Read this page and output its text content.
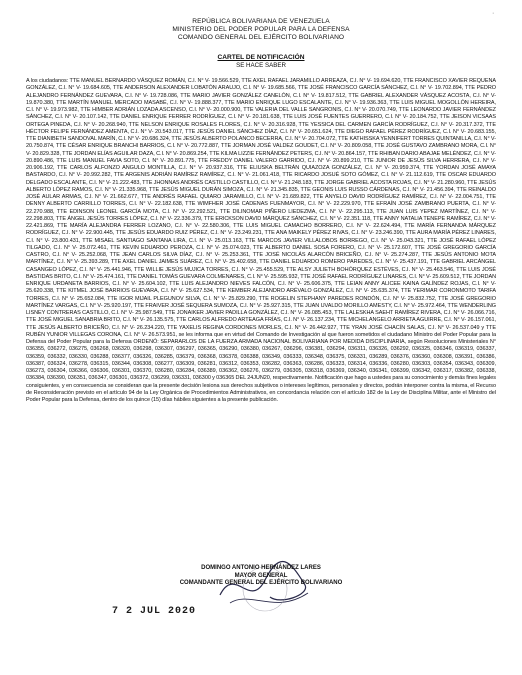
·
REPÚBLICA BOLIVARIANA DE VENEZUELA
MINISTERIO DEL PODER POPULAR PARA LA DEFENSA
COMANDO GENERAL DEL EJÉRCITO BOLIVARIANO
CARTEL DE NOTIFICACIÓN
SE HACE SABER
A los ciudadanos: TTE MANUEL BERNARDO VÁSQUEZ ROMÁN, C.I. N° V- 19.566.529, TTE AXEL RAFAEL JARAMILLO ARREAZA, C.I. N° V- 19.694.620, TTE FRANCISCO XAVIER REQUENA GONZÁLEZ, C.I. N° V- 19.684.605, TTE ANDERSON ALEXANDER LOBATÓN ARAUJO, C.I. N° V- 19.685.566, TTE JOSÉ FRANCISCO GARCÍA SÁNCHEZ, C.I. N° V- 19.702.894, TTE PEDRO ALEJANDRO FERNÁNDEZ GUEVARA, C.I. N° V- 19.728.086, TTE MARIO JAVIER GONZÁLEZ CANELÓN, C.I. N° V- 19.817.512, TTE GABRIEL ALEXANDER VÁSQUEZ ACOSTA, C.I. N° V- 19.870.380, TTE MARTÍN MANUEL MERCADO MASABÉ, C.I. N° V- 19.888.377, TTE MARIO ENRIQUE LUGO ESCALANTE, C.I. N° V- 19.936.363, TTE LUIS MIGUEL MOGOLLÓN HEREIRA, C.I. N° V- 19.973.982, TTE HIMBER ADRIÁN LOZADA ASCENSO, C.I. N° V- 20.000.900, TTE VALERIA DEL VALLE SANGRONIS, C.I. N° V- 20.070.749, TTE LEONARDO JAVIER FERNÁNDEZ SÁNCHEZ, C.I. N° V- 20.107.142, TTE DANIEL ENRIQUE FERRER RODRÍGUEZ, C.I. N° V- 20.181.638, TTE LUIS JOSÉ FUENTES GUERRERO, C.I. N° V- 20.184.752, TTE JEISON VICSAAS ORTEGA PINEDA, C.I. N° V- 20.268.940, TTE NELSON ENRIQUE ROSALES FLORES, C.I. N° V- 20.316.928, TTE YESSICA DEL CARMEN GARCÍA RODRÍGUEZ, C.I. N° V- 20.317.372, TTE HÉCTOR FELIPE FERNÁNDEZ AMENTA, C.I. N° V- 20.543.017, TTE JESÚS DANIEL SÁNCHEZ DÍAZ, C.I. N° V- 20.651.624, TTE DIEGO RAFAEL PÉREZ RODRÍGUEZ, C.I. N° V- 20.683.155, TTE DIANIBETH SANDOVAL MARÍN, C.I. N° V- 20.686.324, TTE JESÚS ALBERTO POLANCO BECERRA, C.I. N° V- 20.704.072, TTE KATHISSKA YENNIFERT TORRES QUINTANILLA, C.I. N° V- 20.750.874, TTE CÉSAR ENRIQUE BRANCHI BARRIOS, C.I. N° V- 20.772.887, TTE JORMAN JOSÉ VALDEZ GOUDET, C.I. N° V- 20.809.058, TTE JOSÉ GUSTAVO ZAMBRANO MORA, C.I. N° V- 20.829.328, TTE JORDAN ELÍAS AGUILAR DAZA, C.I. N° V- 20.869.254, TTE KILMA LIZZIE FERNÁNDEZ PETERS, C.I. N° V- 20.864.157, TTE RHIBAN DARIO ABAJAE MELÉNDEZ, C.I. N° V- 20.890.486, TTE LUIS MANUEL FAVIA SOTO, C.I. N° V- 20.891.775, TTE FREDDY DANIEL VALERO GARRIDO, C.I. N° V- 20.899.210, TTE JUNIOR DE JESÚS SILVA HERRERA, C.I. N° V- 20.906.192, TTE CARLOS ALFONZO ANGULO MONTILLA, C.I. N° V- 20.937.316, TTE ELIUSKA BELTRÁN QUIAZOZA GONZÁLEZ, C.I. N° V- 20.959.374, TTE YORDAN JOSÉ AMAYA BASTARDO, C.I. N° V- 20.992.282, TTE ARGENIS ADRIÁN RAMÍREZ RAMÍREZ, C.I. N° V- 21.061.418, TTE RICARDO JOSUÉ SOTO GÓMEZ, C.I. N° V- 21.112.619, TTE OSCAR EDUARDO DELGADO ESCALANTE, C.I. N° V- 21.222.483, TTE JHONNAS ANDRÉS CASTILLO CASTILLO, C.I. N° V- 21.248.183, TTE JORGE GABRIEL ACOSTA ROJAS, C.I. N° V- 21.280.960, TTE JESÚS ALBERTO LÓPEZ RAMOS, C.I. N° V- 21.335.968, TTE JESÚS MIGUEL DURÁN SIMOZA, C.I. N° V- 21.345.835, TTE GEONIS LUIS RUSSO CÁRDENAS, C.I. N° V- 21.456.394, TTE REINALDO JOSÉ AULAR ARMAS, C.I. N° V- 21.662.677, TTE ANDRÉS RAFAEL QUIARO JARAMILLO, C.I. N° V- 21.689.822, TTE ANYELO DAVID RODRÍGUEZ RAMÍREZ, C.I. N° V- 22.004.751, TTE DENNY ALBERTO CARRILLO TORRES, C.I. N° V- 22.182.638, TTE WIMFHER JOSÉ CADENAS FUENMAYOR, C.I. N° V- 22.229.970, TTE EFRAÍN JOSÉ ZAMBRANO PUERTA, C.I. N° V- 22.270.988, TTE EDINSON LEONEL GARCÍA MOTA, C.I. N° V- 22.292.521, TTE DILINOMAR PIÑERO LIEDEZMA, C.I. N° V- 22.295.113, TTE JUAN LUIS YEPEZ MARTÍNEZ, C.I. N° V- 22.298.803, TTE ÁNGEL JESÚS TORRES LÓPEZ, C.I. N° V- 22.336.379, TTE ERICKSON DAVID MÁRQUEZ SÁNCHEZ, C.I. N° V- 22.351.118, TTE ANNY NATALIA TENEPE RAMÍREZ, C.I. N° V- 22.421.869, TTE MARÍA ALEJANDRA FERRER LOZANO, C.I. N° V- 22.580.306, TTE LUIS MIGUEL CAMACHO BORRERO, C.I. N° V- 22.624.494, TTE MARÍA FERNANDA MÁRQUEZ RODRÍGUEZ, C.I. N° V- 22.900.445, TTE JESÚS EDUARDO RUIZ PÉREZ, C.I. N° V- 23.249.231, TTE ANA MAIKELY PÉREZ RIVAS, C.I. N° V- 23.246.390, TTE AURA MARÍA PÉREZ LINARES, C.I. N° V- 23.800.431, TTE MISAEL SANTIAGO SANTANA LIRA, C.I. N° V- 25.013.163, TTE MARCOS JAVIER VILLALOBOS BORREGO, C.I. N° V- 25.043.321, TTE JOSÉ RAFAEL LÓPEZ TILGADO, C.I. N° V- 25.072.461, TTE KEVIN EDUARDO PEROZA, C.I. N° V- 25.074.023, TTE ALBERTO DANIEL SOSA FORERO, C.I. N° V- 25.172.607, TTE JOSÉ GREGORIO GARCÍA CASTRO, C.I. N° V- 25.252.068, TTE JEAN CARLOS SILVA DÍAZ, C.I. N° V- 25.253.361, TTE JOSÉ NICOLÁS ALARCÓN BRICEÑO, C.I. N° V- 25.274.287, TTE JESÚS ANTONIO MOTA MARTÍNEZ, C.I. N° V- 25.393.289, TTE AXEL DANIEL JAIMES SUÁREZ, C.I. N° V- 25.402.658, TTE DANIEL EDUARDO ROMERO PAREDES, C.I. N° V- 25.437.191, TTE GABRIEL ARCÁNGEL CASANGEO LÓPEZ, C.I. N° V- 25.441.946, TTE WILLIE JESÚS MUJICA TORRES, C.I. N° V- 25.455.529, TTE ALSY JULIETH BOHÓRQUEZ ESTÉVES, C.I. N° V- 25.463.546, TTE LUIS JOSÉ BASTIDAS BRITO, C.I. N° V- 25.474.161, TTE DANIEL TOMÁS GUEVARA COLMENARES, C.I. N° V- 25.595.932, TTE JOSÉ RAFAEL RODRÍGUEZ LINARES, C.I. N° V- 25.609.512, TTE JORDAN ENRIQUE URDANETA BARRIOS, C.I. N° V- 25.604.102, TTE LUIS ALEJANDRO NIEVES FALCÓN, C.I. N° V- 25.606.375, TTE LEIAN ANNY ALICEE KAINA GALÍNDEZ ROJAS, C.I. N° V- 25.620.338, TTE KITMEL JOSÉ BARRIOS GUEVARA, C.I. N° V- 25.627.534, TTE KEMBER ALEJANDRO ARÉVALO GONZÁLEZ, C.I. N° V- 25.635.374, TTE YERIMAR CORONMOTO TARIFA TORRES, C.I. N° V- 25.652.084, TTE IGOR MIJAIL PLEGUNOV SILVA, C.I. N° V- 25.829.290, TTE ROGELIN STEPHANY PAREDES RONDÓN, C.I. N° V- 25.832.752, TTE JOSÉ GREGORIO MARTÍNEZ VARGAS, C.I. N° V- 25.920.197, TTE FRAIVER JOSÉ SEQUERA SUMOZA, C.I. N° V- 25.927.315, TTE JUAN UVALDO MORILLO AMESTY, C.I. N° V- 25.972.464, TTE WENDERLING LISNEY CONTRERAS CASTILLO, C.I. N° V- 25.987.549, TTE JONAIKER JAVIER PADILLA GONZÁLEZ, C.I. N° V- 26.085.453, TTE LALESKHA SAEHT RAMÍREZ RIVERA, C.I. N° V- 26.066.716, TTE JOSÉ MIGUEL SANABRIA BRITO, C.I. N° V- 26.135.575, TTE CARLOS ALFREDO ARTEAGA FRÍAS, C.I. N° V- 26.137.234, TTE MICHELANGELO ARRIETA AGUIRRE, C.I. N° V- 26.157.061, TTE JESÚS ALBERTO BRICEÑO, C.I. N° V- 26.234.220, TTE YAXELIS REGINA CORDONES MORLES, C.I. N° V- 26.442.927, TTE YRAN JOSÉ CHACÍN SALAS, C.I. N° V- 26.537.049 y TTE RUBÉN YUNIOR VILLEGAS CORONA, C.I. N° V- 26.573.951, se les informa que en virtud del Comando de Investigación al que fueron sometidos el ciudadano Ministro del Poder Popular para la Defensa del Poder Popular para la Defensa ORDENÓ: SEPARARLOS DE LA FUERZA ARMADA NACIONAL BOLIVARIANA POR MEDIDA DISCIPLINARIA, según Resoluciones Ministeriales N° 036355, 036272, 036275, 036268, 036320, 036298, 036307, 036297, 036365, 036290, 036380, 036267, 036296, 036381, 036294, 036311, 036326, 036292, 036325, 036346, 036319, 036337, 036359, 036332, 036330, 036288, 036377, 036326, 036285, 036379, 036368, 036378, 036388, 036349, 036333, 036348, 036375, 036331, 036289, 036376, 036360, 036308, 036391, 036386, 036387, 036324, 036278, 036315, 036344, 036308, 036277, 036309, 036281, 036312, 036353, 036282, 036363, 036286, 036323, 036314, 036336, 036280, 036303, 036354, 036343, 036309, 036273, 036304, 036366, 036306, 036301, 036370, 036280, 036284, 036389, 036362, 036276, 036279, 036305, 036318, 036369, 036340, 036341, 036399, 036342, 036317, 036382, 036338, 036384, 036390, 036351, 036347, 036301, 036372, 036299, 036331, 036300 y 036365 DEL 24JUN20, respectivamente. Notificación que hago a ustedes para su conocimiento y demás fines legales consiguientes, y en consecuencia se consideran que la presente decisión lesiona sus derechos subjetivos o intereses legítimos, personales y directos, podrán interponer contra la misma, el Recurso de Reconsideración previsto en el artículo 94 de la Ley Orgánica de Procedimientos Administrativos, en concordancia relación con el artículo 182 de la Ley de Disciplina Militar, ante el Ministro del Poder Popular para la Defensa, dentro de los quince (15) días hábiles siguientes a la presente publicación.
7 2 JUL 2020
DOMINGO ANTONIO HERNÁNDEZ LARES
MAYOR GENERAL
COMANDANTE GENERAL DEL EJÉRCITO BOLIVARIANO
